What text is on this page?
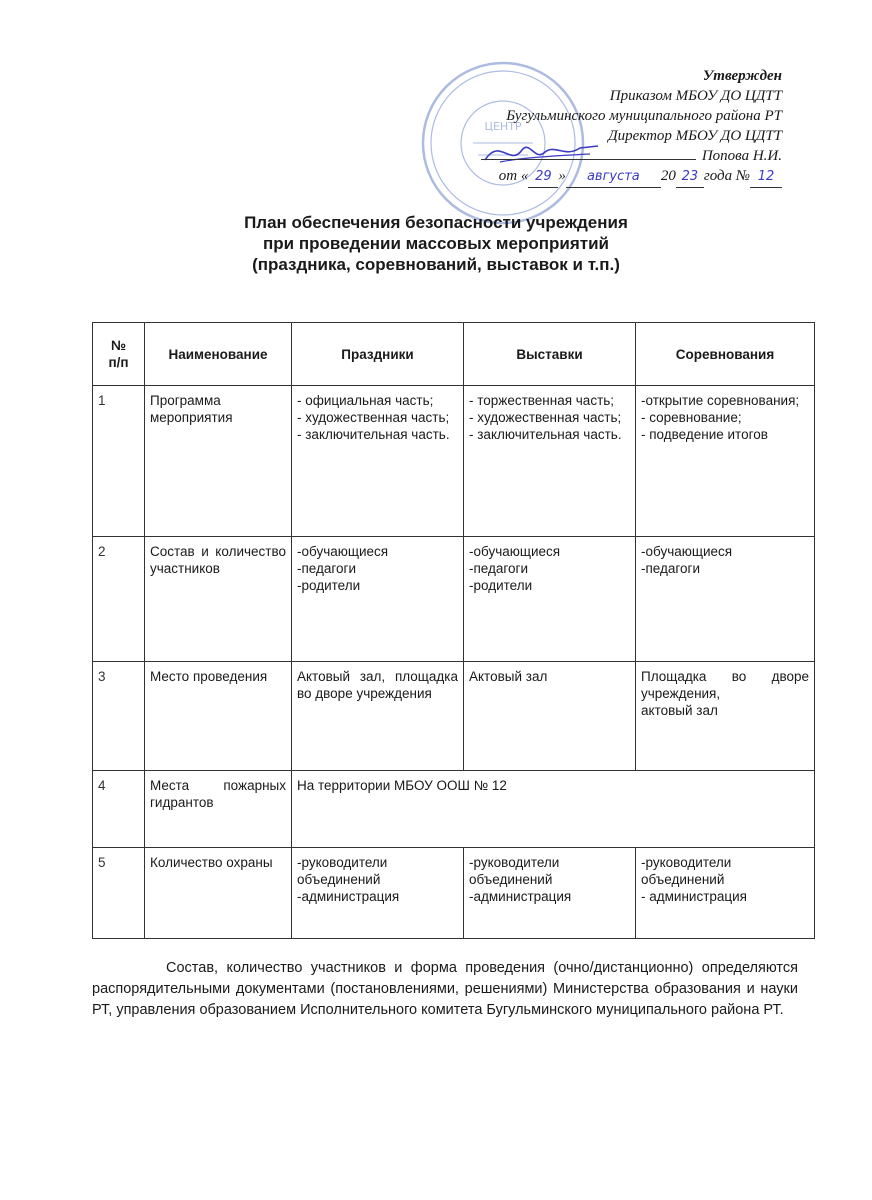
ЦЕНТР
Утвержден
Приказом МБОУ ДО ЦДТТ
Бугульминского муниципального района РТ
Директор МБОУ ДО ЦДТТ
Попова Н.И.
от « 29 » августа 20 23 года № 12
План обеспечения безопасности учреждения
при проведении массовых мероприятий
(праздника, соревнований, выставок и т.п.)
№
п/п	Наименование	Праздники	Выставки	Соревнования
1	Программа мероприятия	- официальная часть;
- художественная часть;
- заключительная часть.	- торжественная часть;
- художественная часть;
- заключительная часть.	-открытие соревнования;
- соревнование;
- подведение итогов

2	Состав и количество участников	-обучающиеся
-педагоги
-родители	-обучающиеся
-педагоги
-родители	-обучающиеся
-педагоги

3	Место проведения	Актовый зал, площадка во дворе учреждения	Актовый зал	Площадка во дворе учреждения,
актовый зал

4	Места пожарных гидрантов	На территории МБОУ ООШ № 12		
5	Количество охраны	-руководители объединений
-администрация	-руководители объединений
-администрация	-руководители объединений
- администрация
Состав, количество участников и форма проведения (очно/дистанционно) определяются распорядительными документами (постановлениями, решениями) Министерства образования и науки РТ, управления образованием Исполнительного комитета Бугульминского муниципального района РТ.
